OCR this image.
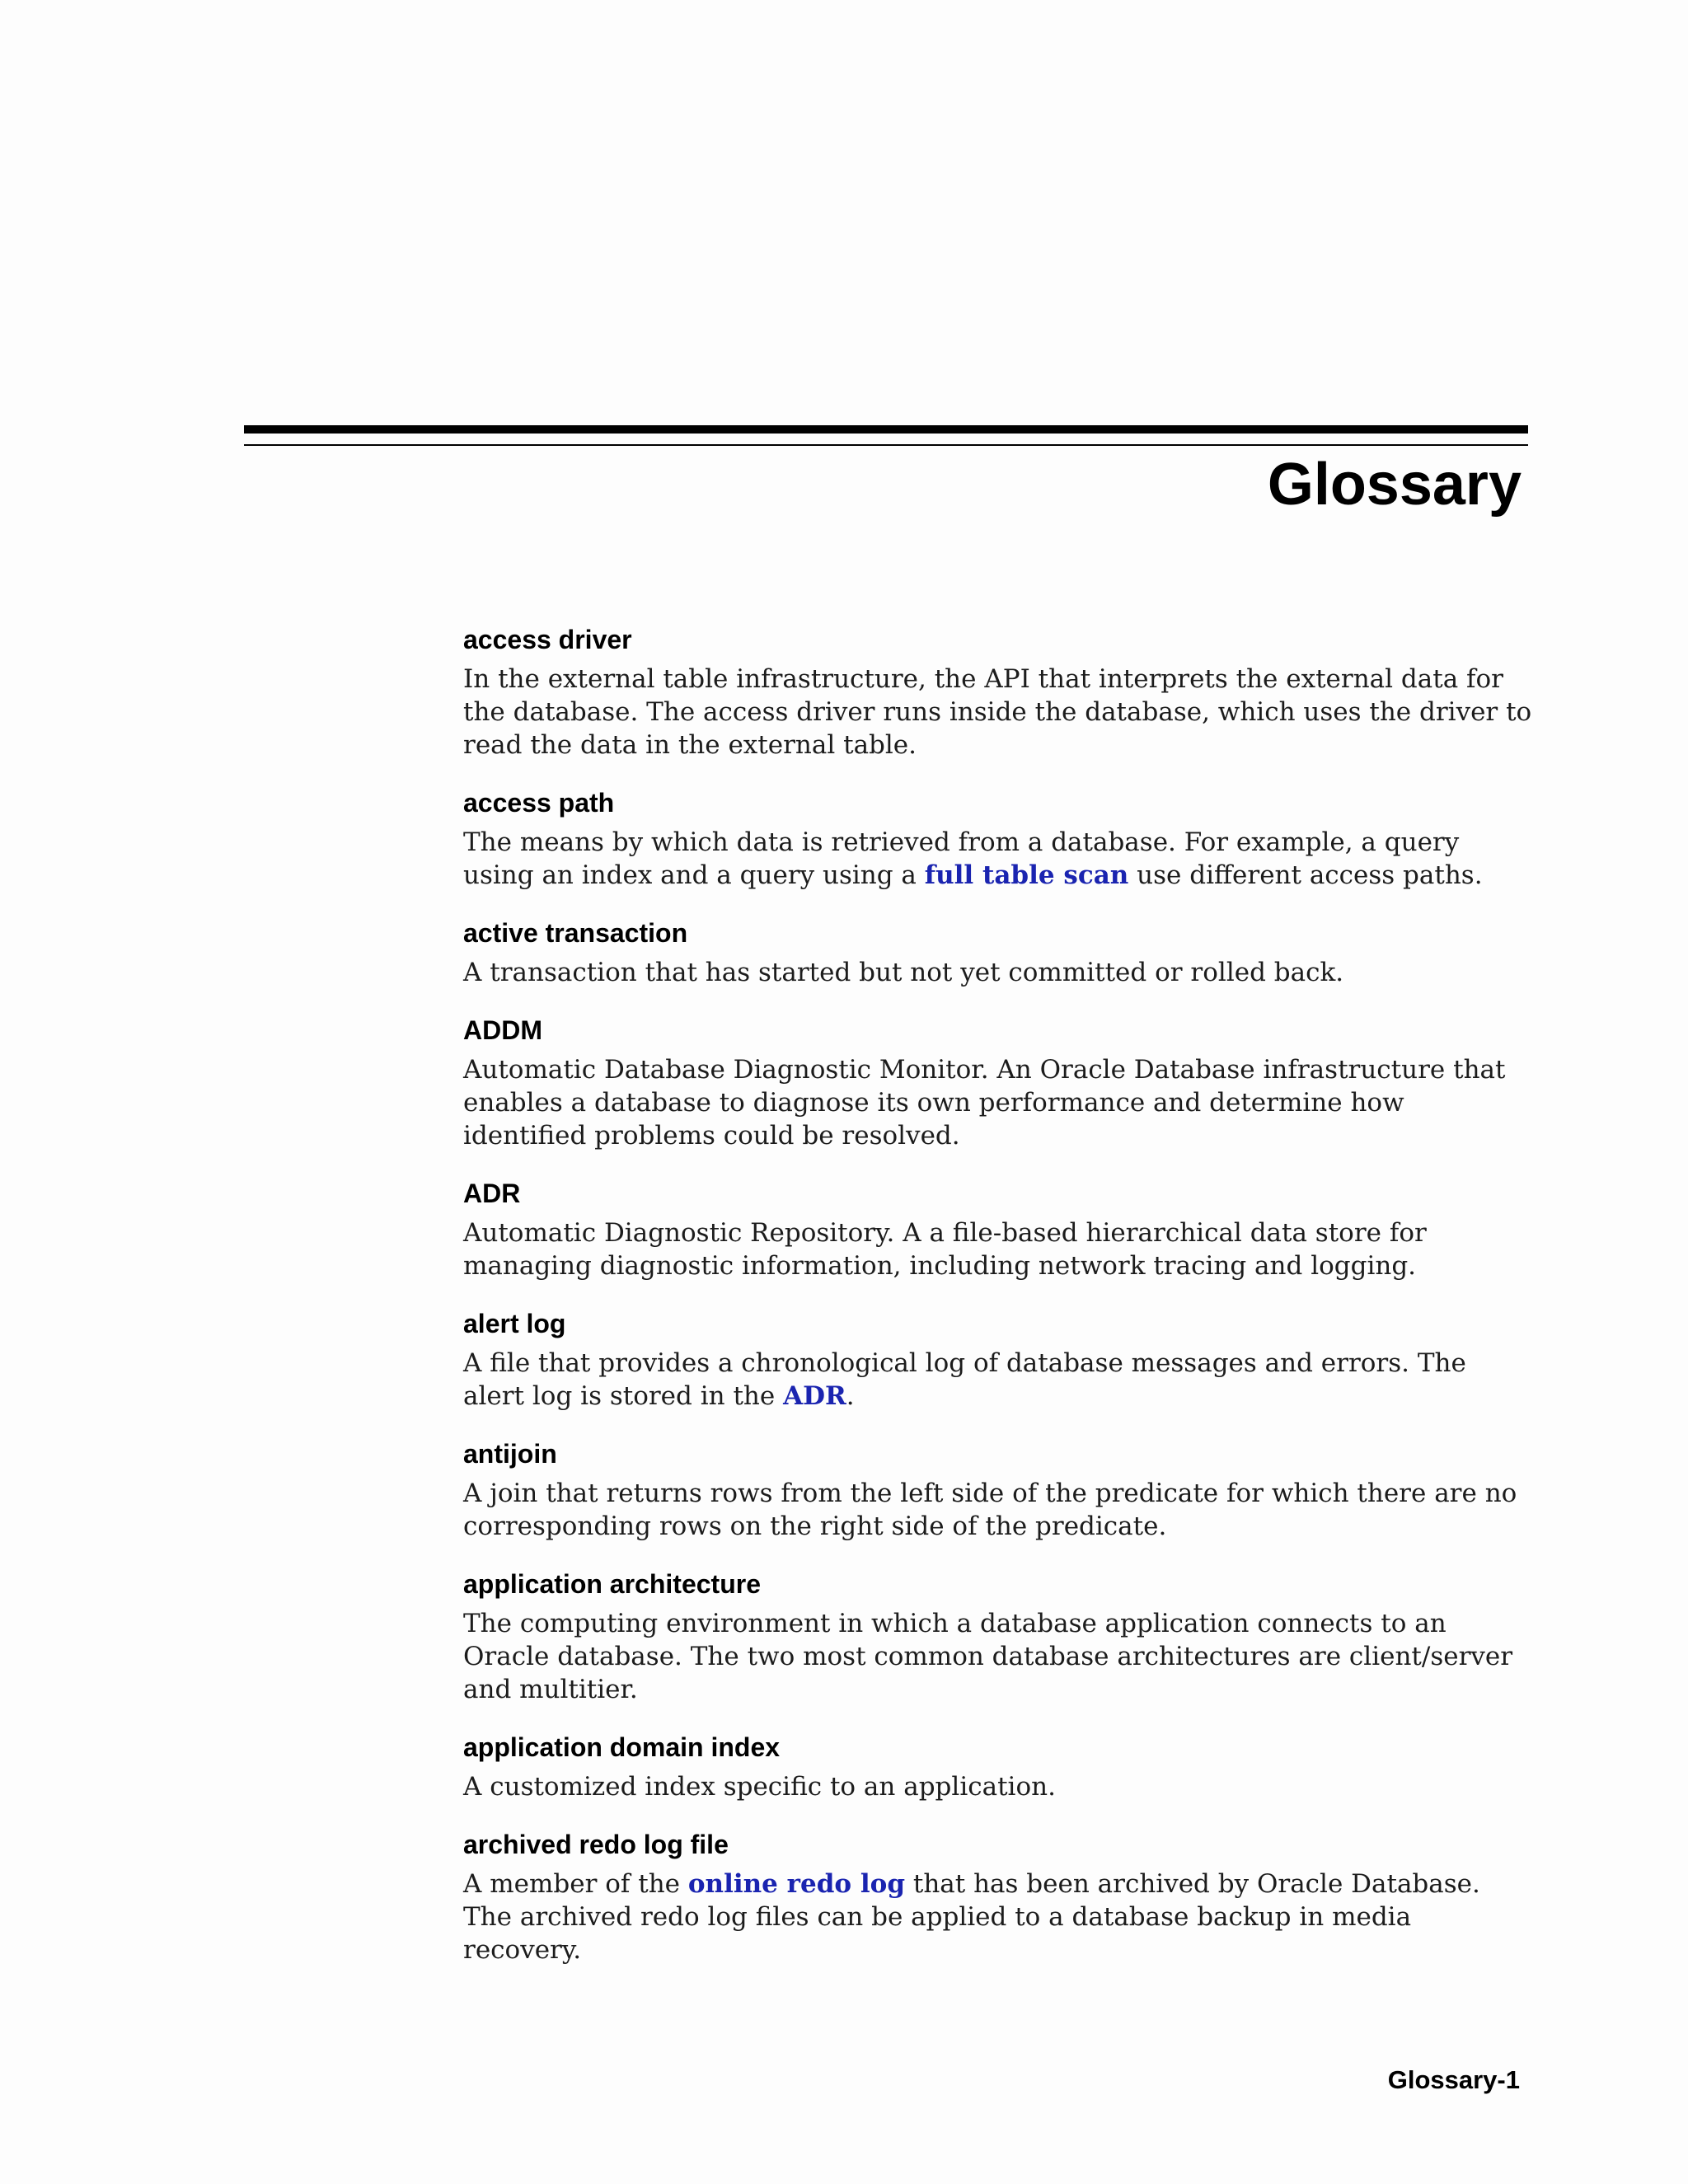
Glossary
access driver

In the external table infrastructure, the API that interprets the external data for the database. The access driver runs inside the database, which uses the driver to read the data in the external table.

access path

The means by which data is retrieved from a database. For example, a query using an index and a query using a full table scan use different access paths.

active transaction

A transaction that has started but not yet committed or rolled back.

ADDM

Automatic Database Diagnostic Monitor. An Oracle Database infrastructure that enables a database to diagnose its own performance and determine how identified problems could be resolved.

ADR

Automatic Diagnostic Repository. A a file-based hierarchical data store for managing diagnostic information, including network tracing and logging.

alert log

A file that provides a chronological log of database messages and errors. The alert log is stored in the ADR.

antijoin

A join that returns rows from the left side of the predicate for which there are no corresponding rows on the right side of the predicate.

application architecture

The computing environment in which a database application connects to an Oracle database. The two most common database architectures are client/server and multitier.

application domain index

A customized index specific to an application.

archived redo log file

A member of the online redo log that has been archived by Oracle Database. The archived redo log files can be applied to a database backup in media recovery.

Glossary-1
